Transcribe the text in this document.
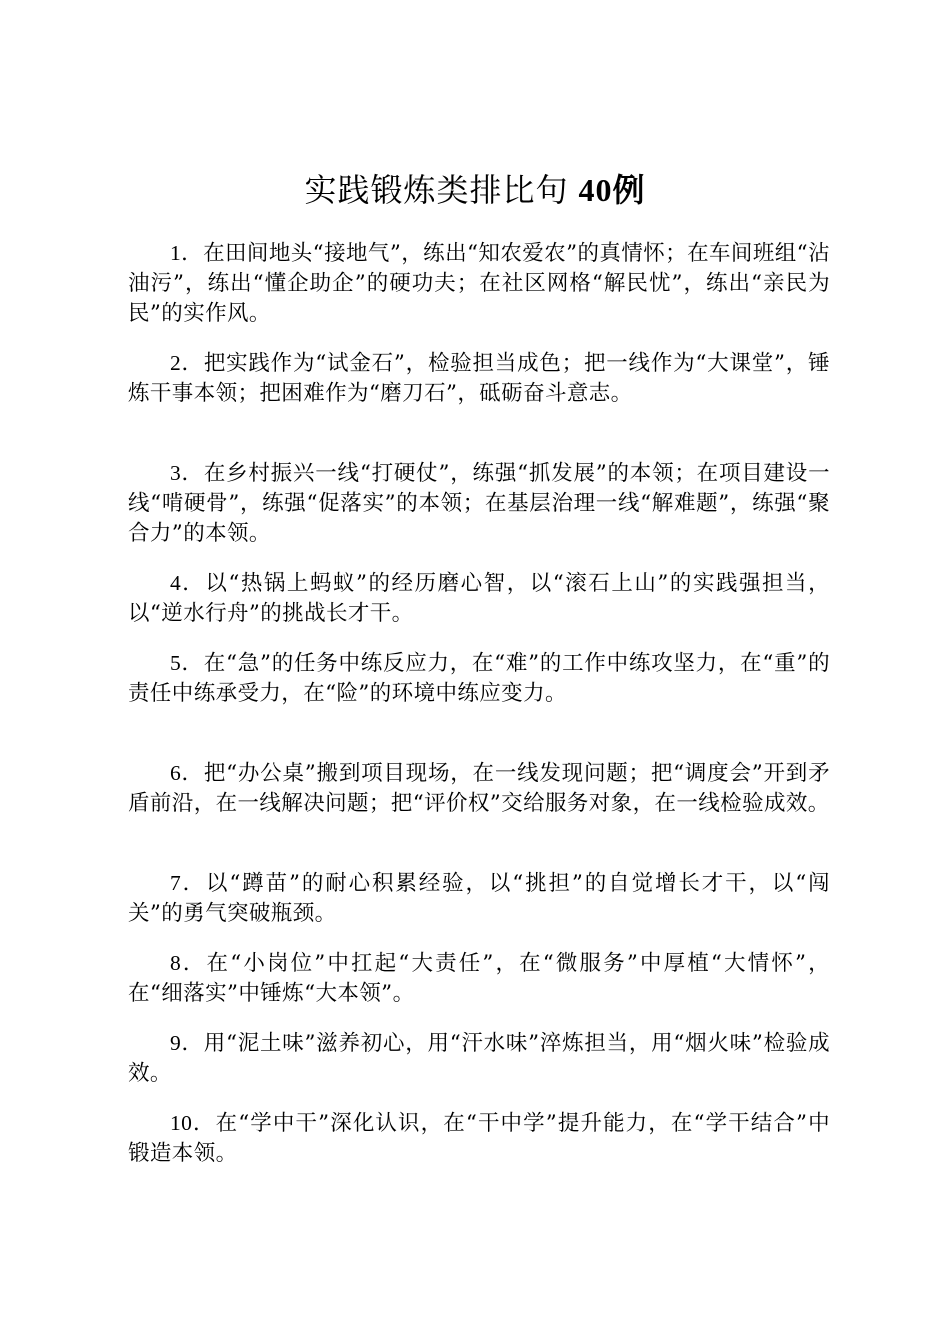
实践锻炼类排比句 40例

1．在田间地头“接地气”，练出“知农爱农”的真情怀；在车间班组“沾油污”，练出“懂企助企”的硬功夫；在社区网格“解民忧”，练出“亲民为民”的实作风。

2．把实践作为“试金石”，检验担当成色；把一线作为“大课堂”，锤炼干事本领；把困难作为“磨刀石”，砥砺奋斗意志。

3．在乡村振兴一线“打硬仗”，练强“抓发展”的本领；在项目建设一线“啃硬骨”，练强“促落实”的本领；在基层治理一线“解难题”，练强“聚合力”的本领。

4．以“热锅上蚂蚁”的经历磨心智，以“滚石上山”的实践强担当，以“逆水行舟”的挑战长才干。

5．在“急”的任务中练反应力，在“难”的工作中练攻坚力，在“重”的责任中练承受力，在“险”的环境中练应变力。

6．把“办公桌”搬到项目现场，在一线发现问题；把“调度会”开到矛盾前沿，在一线解决问题；把“评价权”交给服务对象，在一线检验成效。

7．以“蹲苗”的耐心积累经验，以“挑担”的自觉增长才干，以“闯关”的勇气突破瓶颈。

8．在“小岗位”中扛起“大责任”，在“微服务”中厚植“大情怀”，在“细落实”中锤炼“大本领”。

9．用“泥土味”滋养初心，用“汗水味”淬炼担当，用“烟火味”检验成效。

10．在“学中干”深化认识，在“干中学”提升能力，在“学干结合”中锻造本领。
